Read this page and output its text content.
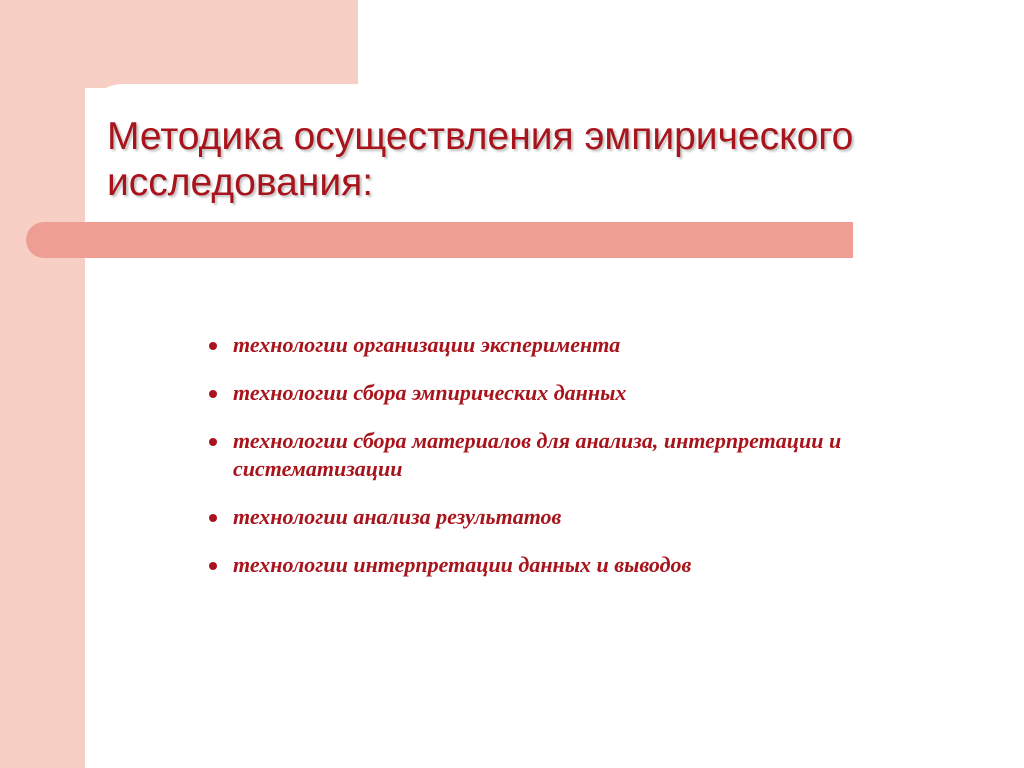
Методика осуществления эмпирического исследования:
технологии организации эксперимента
технологии сбора эмпирических данных
технологии сбора материалов для анализа, интерпретации и систематизации
технологии анализа результатов
технологии интерпретации данных и выводов
